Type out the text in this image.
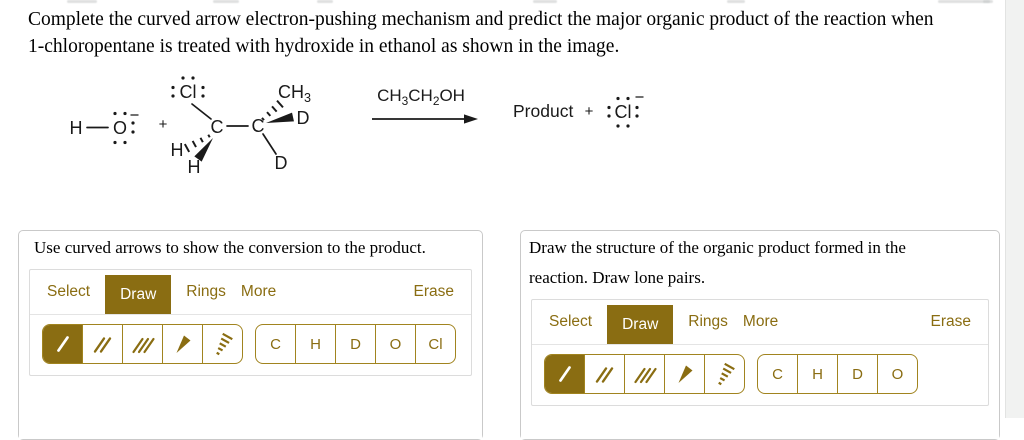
Complete the curved arrow electron-pushing mechanism and predict the major organic product of the reaction when
1-chloropentane is treated with hydroxide in ethanol as shown in the image.
H O +
Cl
C C
H
H
$CH_3$
D
D
$CH_3CH_2OH$
Product + Cl
Use curved arrows to show the conversion to the product.
Select	Draw	Rings More	Erase
C	H	D	O	Cl
Draw the structure of the organic product formed in the reaction. Draw lone pairs.
Select	Draw	Rings More	Erase
C	H	D	O
